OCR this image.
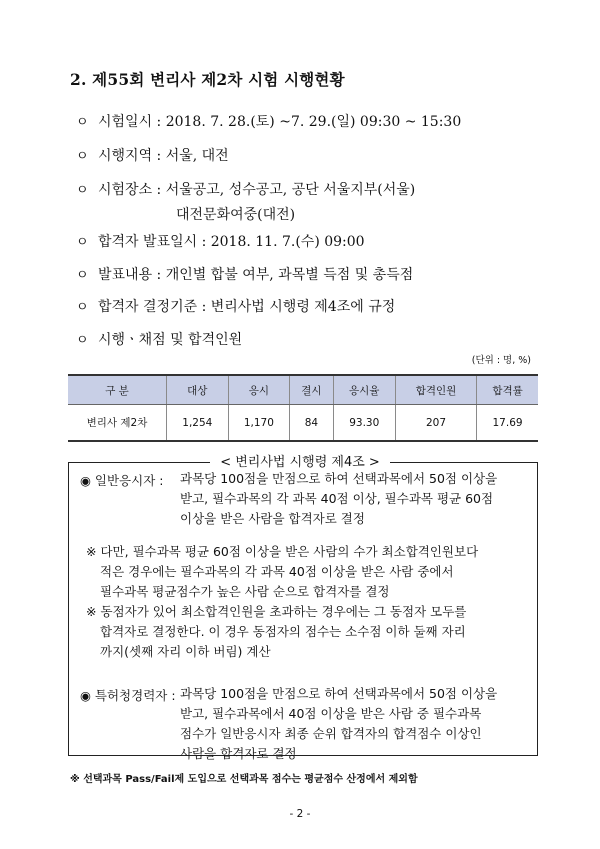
2. 제55회 변리사 제2차 시험 시행현황
ㅇ 시험일시 : 2018. 7. 28.(토) ~7. 29.(일) 09:30 ~ 15:30
ㅇ 시행지역 : 서울, 대전
ㅇ 시험장소 : 서울공고, 성수공고, 공단 서울지부(서울)
대전문화여중(대전)
ㅇ 합격자 발표일시 : 2018. 11. 7.(수) 09:00
ㅇ 발표내용 : 개인별 합불 여부, 과목별 득점 및 총득점
ㅇ 합격자 결정기준 : 변리사법 시행령 제4조에 규정
ㅇ 시행ㆍ채점 및 합격인원
(단위 : 명, %)
구 분	대상	응시	결시	응시율	합격인원	합격률
변리사 제2차	1,254	1,170	84	93.30	207	17.69
< 변리사법 시행령 제4조 >
◉ 일반응시자 : 과목당 100점을 만점으로 하여 선택과목에서 50점 이상을
받고, 필수과목의 각 과목 40점 이상, 필수과목 평균 60점
이상을 받은 사람을 합격자로 결정
※ 다만, 필수과목 평균 60점 이상을 받은 사람의 수가 최소합격인원보다
적은 경우에는 필수과목의 각 과목 40점 이상을 받은 사람 중에서
필수과목 평균점수가 높은 사람 순으로 합격자를 결정
※ 동점자가 있어 최소합격인원을 초과하는 경우에는 그 동점자 모두를
합격자로 결정한다. 이 경우 동점자의 점수는 소수점 이하 둘째 자리
까지(셋째 자리 이하 버림) 계산
◉ 특허청경력자 : 과목당 100점을 만점으로 하여 선택과목에서 50점 이상을
받고, 필수과목에서 40점 이상을 받은 사람 중 필수과목
점수가 일반응시자 최종 순위 합격자의 합격점수 이상인
사람을 합격자로 결정
※ 선택과목 Pass/Fail제 도입으로 선택과목 점수는 평균점수 산정에서 제외함
- 2 -
